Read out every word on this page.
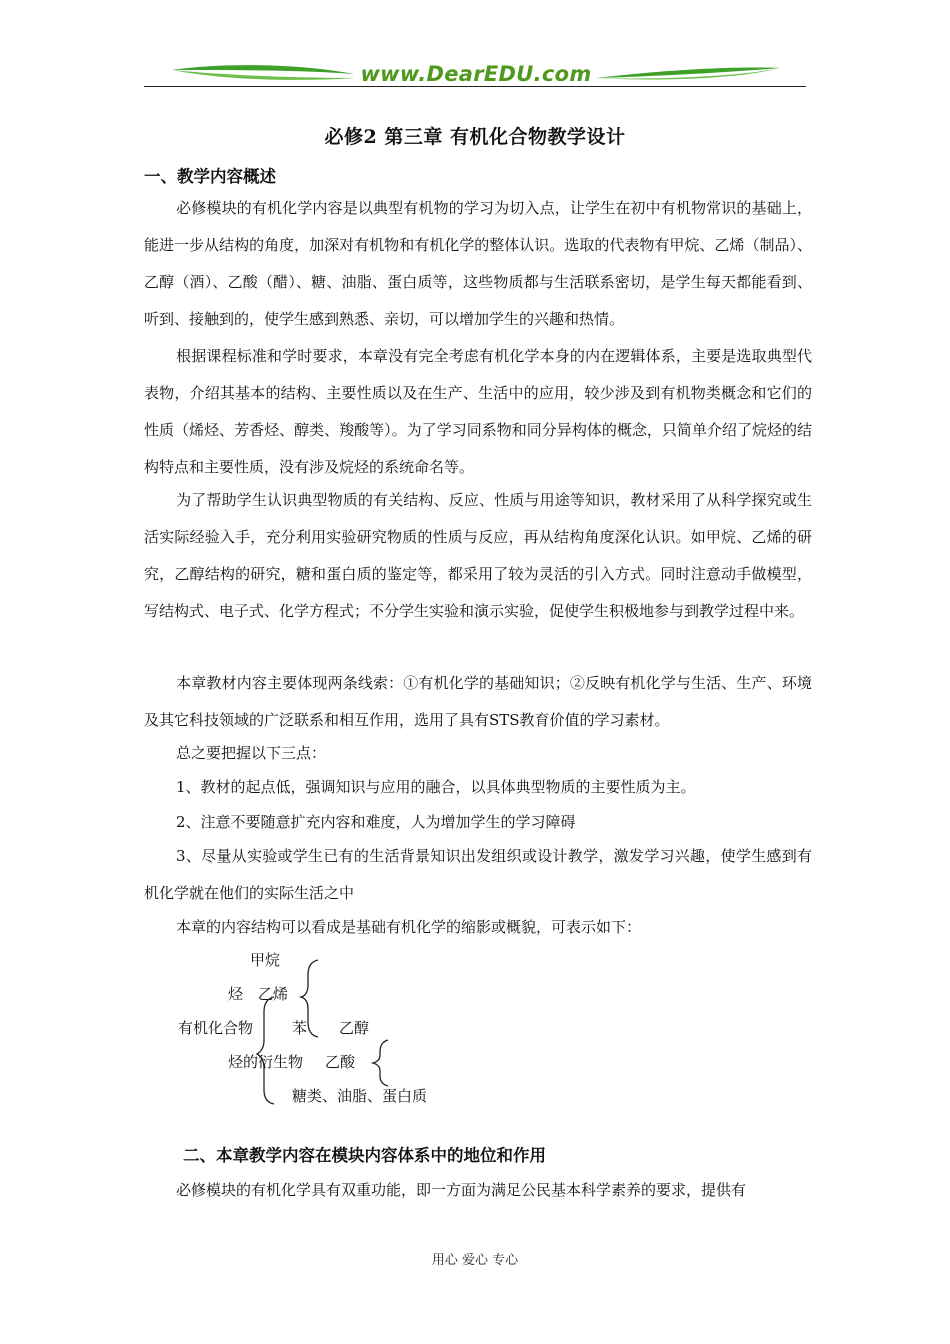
www.DearEDU.com
必修2 第三章 有机化合物教学设计
一、教学内容概述
必修模块的有机化学内容是以典型有机物的学习为切入点，让学生在初中有机物常识的基础上，能进一步从结构的角度，加深对有机物和有机化学的整体认识。选取的代表物有甲烷、乙烯（制品）、乙醇（酒）、乙酸（醋）、糖、油脂、蛋白质等，这些物质都与生活联系密切，是学生每天都能看到、听到、接触到的，使学生感到熟悉、亲切，可以增加学生的兴趣和热情。
根据课程标准和学时要求，本章没有完全考虑有机化学本身的内在逻辑体系，主要是选取典型代表物，介绍其基本的结构、主要性质以及在生产、生活中的应用，较少涉及到有机物类概念和它们的性质（烯烃、芳香烃、醇类、羧酸等）。为了学习同系物和同分异构体的概念，只简单介绍了烷烃的结构特点和主要性质，没有涉及烷烃的系统命名等。
为了帮助学生认识典型物质的有关结构、反应、性质与用途等知识，教材采用了从科学探究或生活实际经验入手，充分利用实验研究物质的性质与反应，再从结构角度深化认识。如甲烷、乙烯的研究，乙醇结构的研究，糖和蛋白质的鉴定等，都采用了较为灵活的引入方式。同时注意动手做模型，写结构式、电子式、化学方程式；不分学生实验和演示实验，促使学生积极地参与到教学过程中来。
本章教材内容主要体现两条线索：①有机化学的基础知识；②反映有机化学与生活、生产、环境及其它科技领域的广泛联系和相互作用，选用了具有STS教育价值的学习素材。
总之要把握以下三点：
1、教材的起点低，强调知识与应用的融合，以具体典型物质的主要性质为主。
2、注意不要随意扩充内容和难度，人为增加学生的学习障碍
3、尽量从实验或学生已有的生活背景知识出发组织或设计教学，激发学习兴趣，使学生感到有机化学就在他们的实际生活之中
本章的内容结构可以看成是基础有机化学的缩影或概貌，可表示如下：
甲烷
烃 乙烯
有机化合物	苯 乙醇
烃的衍生物 乙酸
糖类、油脂、蛋白质
二、本章教学内容在模块内容体系中的地位和作用
必修模块的有机化学具有双重功能，即一方面为满足公民基本科学素养的要求，提供有
用心 爱心 专心
